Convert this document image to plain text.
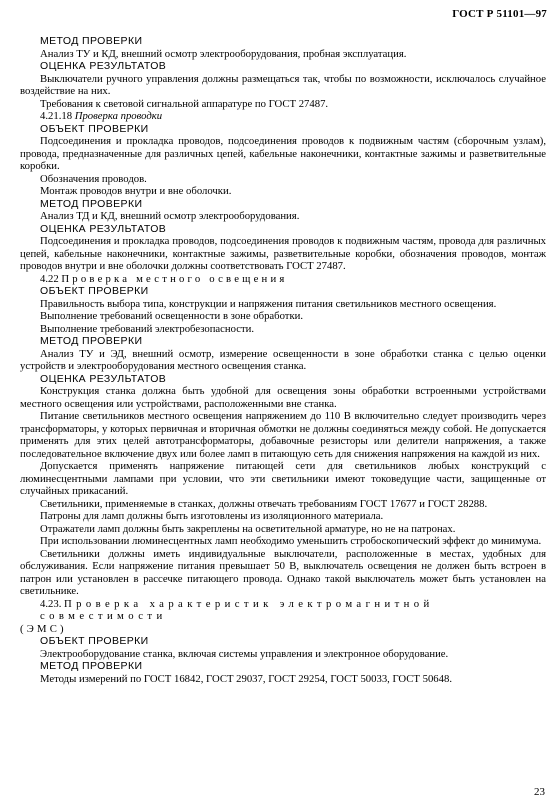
ГОСТ Р 51101—97

МЕТОД ПРОВЕРКИ

Анализ ТУ и КД, внешний осмотр электрооборудования, пробная эксплуатация.

ОЦЕНКА РЕЗУЛЬТАТОВ

Выключатели ручного управления должны размещаться так, чтобы по возможности, исключалось случайное воздействие на них.

Требования к световой сигнальной аппаратуре по ГОСТ 27487.

4.21.18 Проверка проводки

ОБЪЕКТ ПРОВЕРКИ

Подсоединения и прокладка проводов, подсоединения проводов к подвижным частям (сборочным узлам), провода, предназначенные для различных цепей, кабельные наконечники, контактные зажимы и разветвительные коробки.

Обозначения проводов.

Монтаж проводов внутри и вне оболочки.

МЕТОД ПРОВЕРКИ

Анализ ТД и КД, внешний осмотр электрооборудования.

ОЦЕНКА РЕЗУЛЬТАТОВ

Подсоединения и прокладка проводов, подсоединения проводов к подвижным частям, провода для различных цепей, кабельные наконечники, контактные зажимы, разветвительные коробки, обозначения проводов, монтаж проводов внутри и вне оболочки должны соответствовать ГОСТ 27487.

4.22 Проверка местного освещения

ОБЪЕКТ ПРОВЕРКИ

Правильность выбора типа, конструкции и напряжения питания светильников местного освещения.

Выполнение требований освещенности в зоне обработки.

Выполнение требований электробезопасности.

МЕТОД ПРОВЕРКИ

Анализ ТУ и ЭД, внешний осмотр, измерение освещенности в зоне обработки станка с целью оценки устройств и электрооборудования местного освещения станка.

ОЦЕНКА РЕЗУЛЬТАТОВ

Конструкция станка должна быть удобной для освещения зоны обработки встроенными устройствами местного освещения или устройствами, расположенными вне станка.

Питание светильников местного освещения напряжением до 110 В включительно следует производить через трансформаторы, у которых первичная и вторичная обмотки не должны соединяться между собой. Не допускается применять для этих целей автотрансформаторы, добавочные резисторы или делители напряжения, а также последовательное включение двух или более ламп в питающую сеть для снижения напряжения на каждой из них.

Допускается применять напряжение питающей сети для светильников любых конструкций с люминесцентными лампами при условии, что эти светильники имеют токоведущие части, защищенные от случайных прикасаний.

Светильники, применяемые в станках, должны отвечать требованиям ГОСТ 17677 и ГОСТ 28288.

Патроны для ламп должны быть изготовлены из изоляционного материала.

Отражатели ламп должны быть закреплены на осветительной арматуре, но не на патронах.

При использовании люминесцентных ламп необходимо уменьшить стробоскопический эффект до минимума.

Светильники должны иметь индивидуальные выключатели, расположенные в местах, удобных для обслуживания. Если напряжение питания превышает 50 В, выключатель освещения не должен быть встроен в патрон или установлен в рассечке питающего провода. Однако такой выключатель может быть установлен на светильнике.

4.23. Проверка характеристик электромагнитной совместимости

(ЭМС)

ОБЪЕКТ ПРОВЕРКИ

Электрооборудование станка, включая системы управления и электронное оборудование.

МЕТОД ПРОВЕРКИ

Методы измерений по ГОСТ 16842, ГОСТ 29037, ГОСТ 29254, ГОСТ 50033, ГОСТ 50648.

23
